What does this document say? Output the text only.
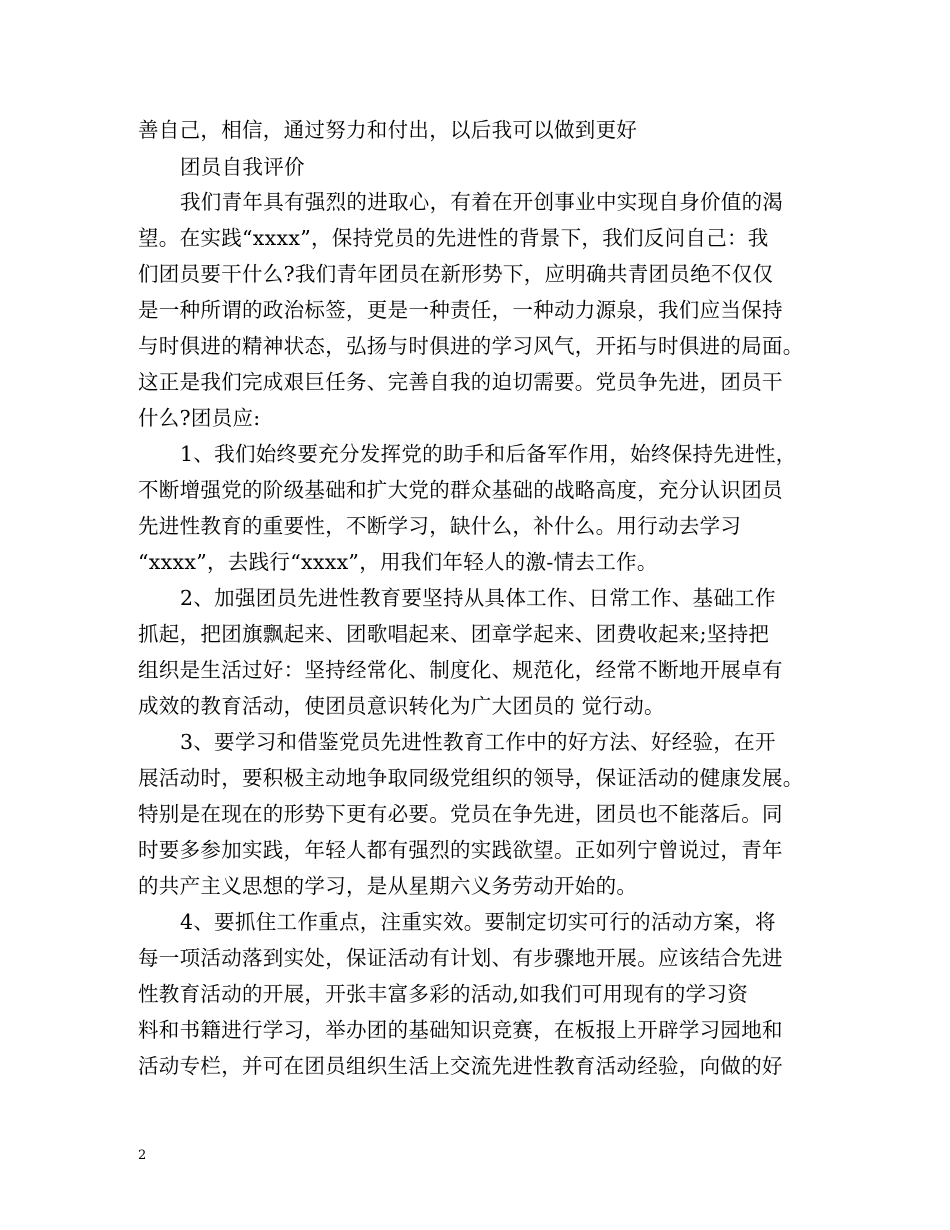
善自己，相信，通过努力和付出，以后我可以做到更好
团员自我评价
我们青年具有强烈的进取心，有着在开创事业中实现自身价值的渴
望。在实践“xxxx”，保持党员的先进性的背景下，我们反问自己：我
们团员要干什么?我们青年团员在新形势下，应明确共青团员绝不仅仅
是一种所谓的政治标签，更是一种责任，一种动力源泉，我们应当保持
与时俱进的精神状态，弘扬与时俱进的学习风气，开拓与时俱进的局面。
这正是我们完成艰巨任务、完善自我的迫切需要。党员争先进，团员干
什么?团员应:
1、我们始终要充分发挥党的助手和后备军作用，始终保持先进性，
不断增强党的阶级基础和扩大党的群众基础的战略高度，充分认识团员
先进性教育的重要性，不断学习，缺什么，补什么。用行动去学习
“xxxx”，去践行“xxxx”，用我们年轻人的激-情去工作。
2、加强团员先进性教育要坚持从具体工作、日常工作、基础工作
抓起，把团旗飘起来、团歌唱起来、团章学起来、团费收起来;坚持把
组织是生活过好：坚持经常化、制度化、规范化，经常不断地开展卓有
成效的教育活动，使团员意识转化为广大团员的 觉行动。
3、要学习和借鉴党员先进性教育工作中的好方法、好经验，在开
展活动时，要积极主动地争取同级党组织的领导，保证活动的健康发展。
特别是在现在的形势下更有必要。党员在争先进，团员也不能落后。同
时要多参加实践，年轻人都有强烈的实践欲望。正如列宁曾说过，青年
的共产主义思想的学习，是从星期六义务劳动开始的。
4、要抓住工作重点，注重实效。要制定切实可行的活动方案，将
每一项活动落到实处，保证活动有计划、有步骤地开展。应该结合先进
性教育活动的开展，开张丰富多彩的活动,如我们可用现有的学习资
料和书籍进行学习，举办团的基础知识竞赛，在板报上开辟学习园地和
活动专栏，并可在团员组织生活上交流先进性教育活动经验，向做的好
2
